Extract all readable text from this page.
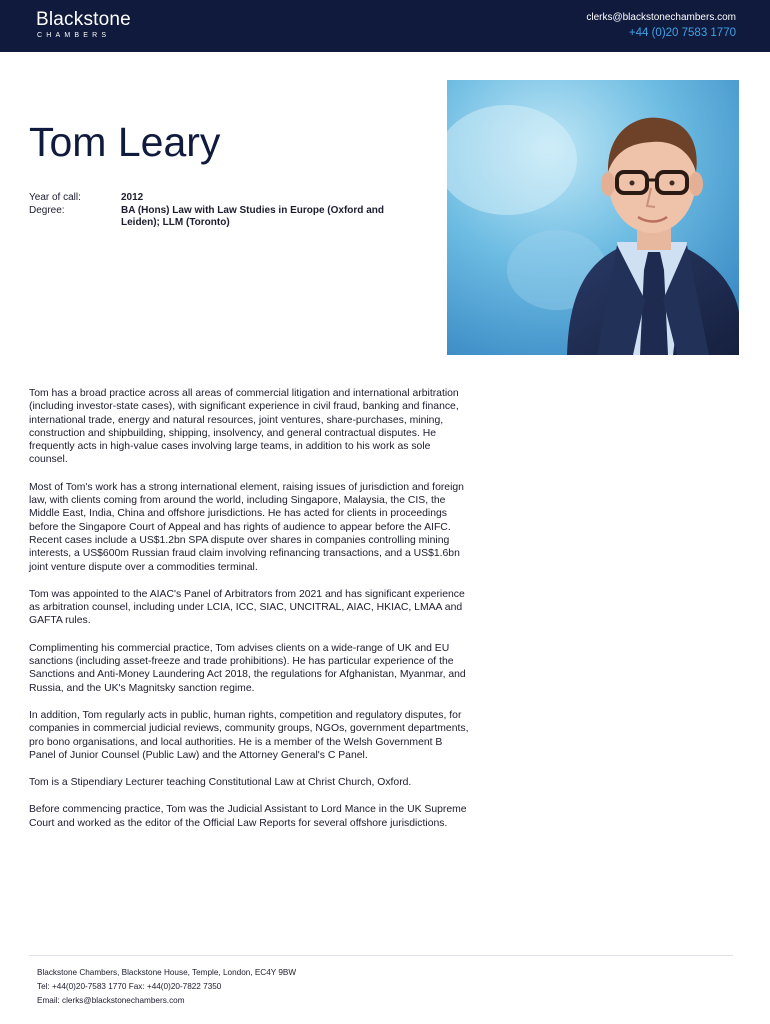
Blackstone
CHAMBERS
clerks@blackstonechambers.com
+44 (0)20 7583 1770
Tom Leary
Year of call:	2012
Degree:	BA (Hons) Law with Law Studies in Europe (Oxford and Leiden); LLM (Toronto)

Tom has a broad practice across all areas of commercial litigation and international arbitration (including investor-state cases), with significant experience in civil fraud, banking and finance, international trade, energy and natural resources, joint ventures, share-purchases, mining, construction and shipbuilding, shipping, insolvency, and general contractual disputes. He frequently acts in high-value cases involving large teams, in addition to his work as sole counsel.

Most of Tom's work has a strong international element, raising issues of jurisdiction and foreign law, with clients coming from around the world, including Singapore, Malaysia, the CIS, the Middle East, India, China and offshore jurisdictions. He has acted for clients in proceedings before the Singapore Court of Appeal and has rights of audience to appear before the AIFC. Recent cases include a US$1.2bn SPA dispute over shares in companies controlling mining interests, a US$600m Russian fraud claim involving refinancing transactions, and a US$1.6bn joint venture dispute over a commodities terminal.

Tom was appointed to the AIAC's Panel of Arbitrators from 2021 and has significant experience as arbitration counsel, including under LCIA, ICC, SIAC, UNCITRAL, AIAC, HKIAC, LMAA and GAFTA rules.

Complimenting his commercial practice, Tom advises clients on a wide-range of UK and EU sanctions (including asset-freeze and trade prohibitions). He has particular experience of the Sanctions and Anti-Money Laundering Act 2018, the regulations for Afghanistan, Myanmar, and Russia, and the UK's Magnitsky sanction regime.

In addition, Tom regularly acts in public, human rights, competition and regulatory disputes, for companies in commercial judicial reviews, community groups, NGOs, government departments, pro bono organisations, and local authorities. He is a member of the Welsh Government B Panel of Junior Counsel (Public Law) and the Attorney General's C Panel.

Tom is a Stipendiary Lecturer teaching Constitutional Law at Christ Church, Oxford.

Before commencing practice, Tom was the Judicial Assistant to Lord Mance in the UK Supreme Court and worked as the editor of the Official Law Reports for several offshore jurisdictions.

Blackstone Chambers, Blackstone House, Temple, London, EC4Y 9BW
Tel: +44(0)20-7583 1770 Fax: +44(0)20-7822 7350
Email: clerks@blackstonechambers.com
